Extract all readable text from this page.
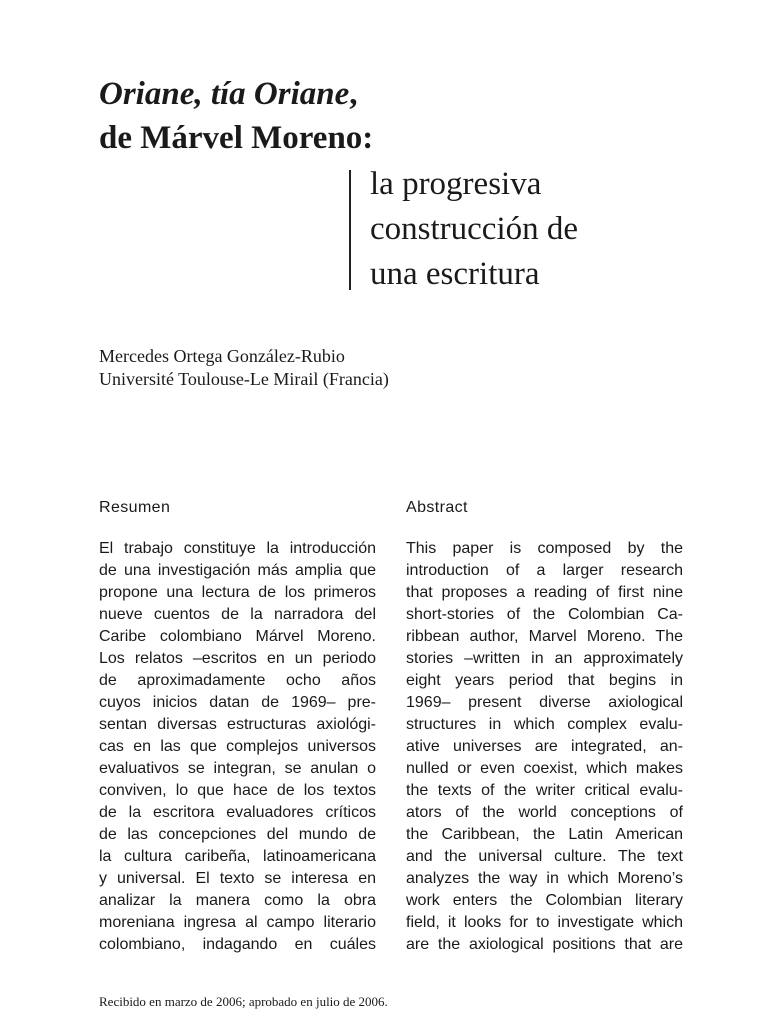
Oriane, tía Oriane,
de Márvel Moreno:
la progresiva
construcción de
una escritura
Mercedes Ortega González-Rubio
Université Toulouse-Le Mirail (Francia)
Resumen
El trabajo constituye la introducción
de una investigación más amplia que
propone una lectura de los primeros
nueve cuentos de la narradora del
Caribe colombiano Márvel Moreno.
Los relatos –escritos en un periodo
de aproximadamente ocho años
cuyos inicios datan de 1969– pre-
sentan diversas estructuras axiológi-
cas en las que complejos universos
evaluativos se integran, se anulan o
conviven, lo que hace de los textos
de la escritora evaluadores críticos
de las concepciones del mundo de
la cultura caribeña, latinoamericana
y universal. El texto se interesa en
analizar la manera como la obra
moreniana ingresa al campo literario
colombiano, indagando en cuáles
Abstract
This paper is composed by the
introduction of a larger research
that proposes a reading of first nine
short-stories of the Colombian Ca-
ribbean author, Marvel Moreno. The
stories –written in an approximately
eight years period that begins in
1969– present diverse axiological
structures in which complex evalu-
ative universes are integrated, an-
nulled or even coexist, which makes
the texts of the writer critical evalu-
ators of the world conceptions of
the Caribbean, the Latin American
and the universal culture. The text
analyzes the way in which Moreno’s
work enters the Colombian literary
field, it looks for to investigate which
are the axiological positions that are
Recibido en marzo de 2006; aprobado en julio de 2006.
